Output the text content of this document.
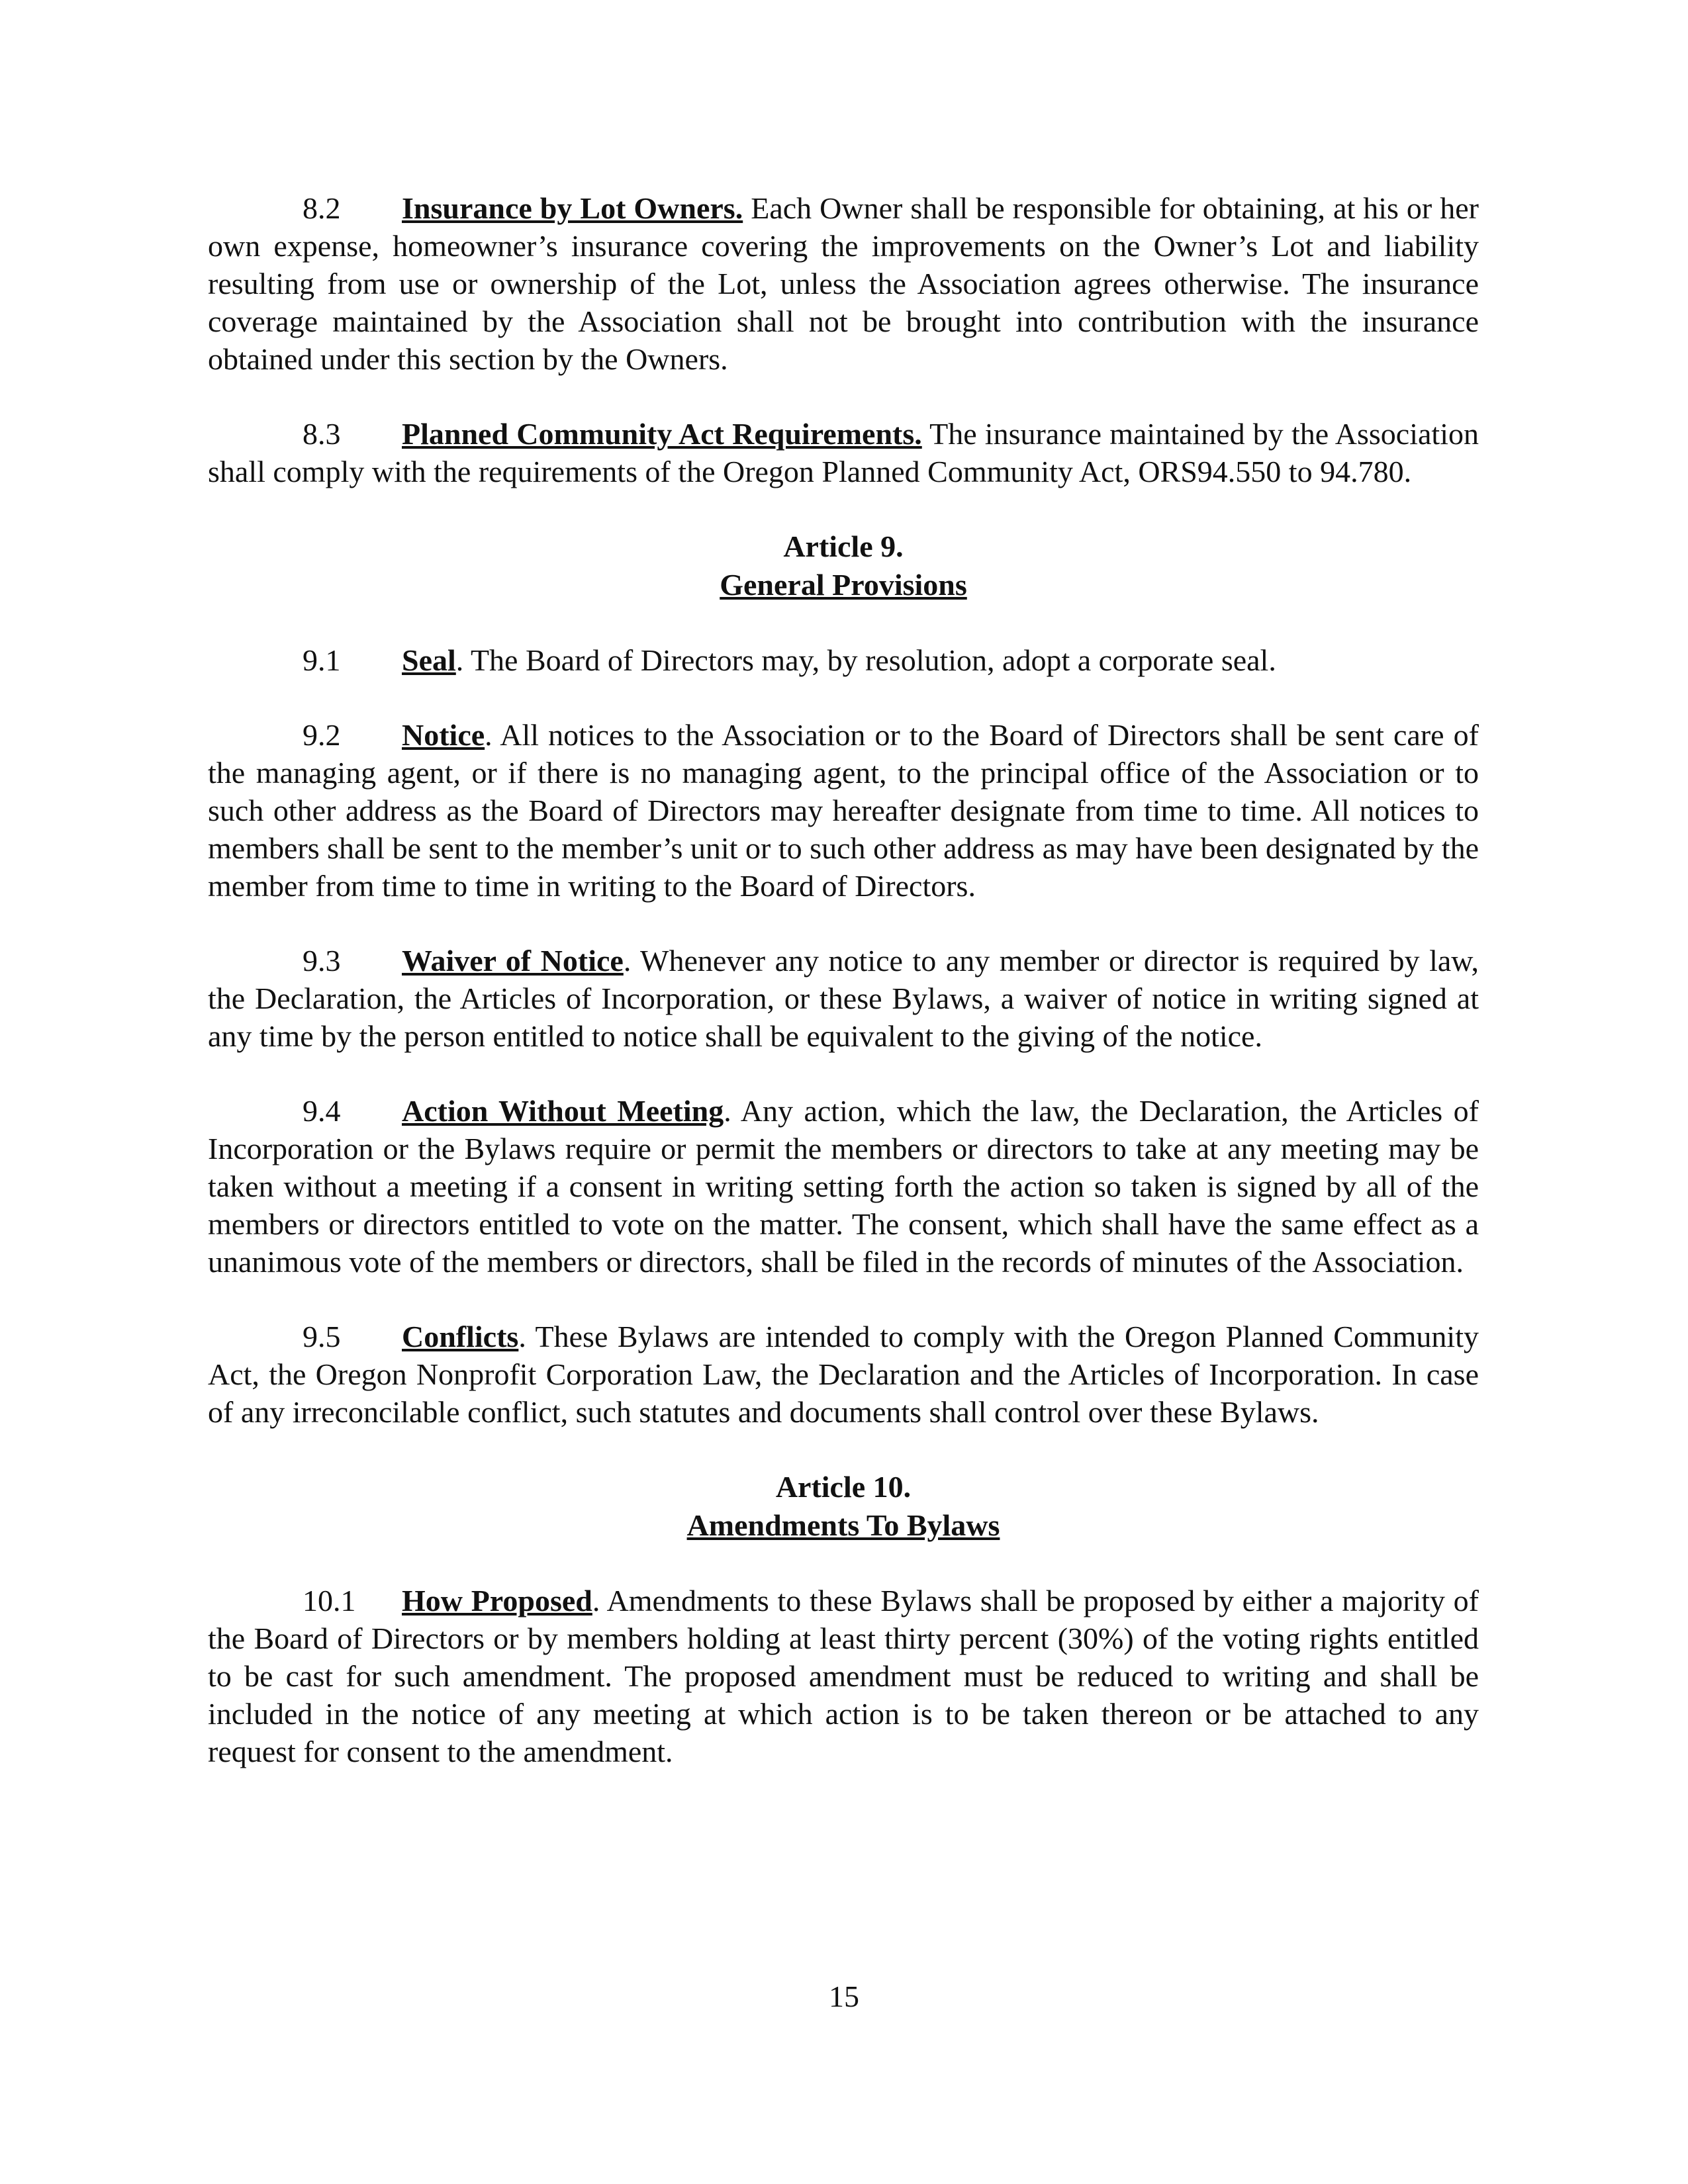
8.2 Insurance by Lot Owners. Each Owner shall be responsible for obtaining, at his or her own expense, homeowner’s insurance covering the improvements on the Owner’s Lot and liability resulting from use or ownership of the Lot, unless the Association agrees otherwise. The insurance coverage maintained by the Association shall not be brought into contribution with the insurance obtained under this section by the Owners.

8.3 Planned Community Act Requirements. The insurance maintained by the Association shall comply with the requirements of the Oregon Planned Community Act, ORS94.550 to 94.780.

Article 9.
General Provisions

9.1 Seal. The Board of Directors may, by resolution, adopt a corporate seal.

9.2 Notice. All notices to the Association or to the Board of Directors shall be sent care of the managing agent, or if there is no managing agent, to the principal office of the Association or to such other address as the Board of Directors may hereafter designate from time to time. All notices to members shall be sent to the member’s unit or to such other address as may have been designated by the member from time to time in writing to the Board of Directors.

9.3 Waiver of Notice. Whenever any notice to any member or director is required by law, the Declaration, the Articles of Incorporation, or these Bylaws, a waiver of notice in writing signed at any time by the person entitled to notice shall be equivalent to the giving of the notice.

9.4 Action Without Meeting. Any action, which the law, the Declaration, the Articles of Incorporation or the Bylaws require or permit the members or directors to take at any meeting may be taken without a meeting if a consent in writing setting forth the action so taken is signed by all of the members or directors entitled to vote on the matter. The consent, which shall have the same effect as a unanimous vote of the members or directors, shall be filed in the records of minutes of the Association.

9.5 Conflicts. These Bylaws are intended to comply with the Oregon Planned Community Act, the Oregon Nonprofit Corporation Law, the Declaration and the Articles of Incorporation. In case of any irreconcilable conflict, such statutes and documents shall control over these Bylaws.

Article 10.
Amendments To Bylaws

10.1 How Proposed. Amendments to these Bylaws shall be proposed by either a majority of the Board of Directors or by members holding at least thirty percent (30%) of the voting rights entitled to be cast for such amendment. The proposed amendment must be reduced to writing and shall be included in the notice of any meeting at which action is to be taken thereon or be attached to any request for consent to the amendment.

15
